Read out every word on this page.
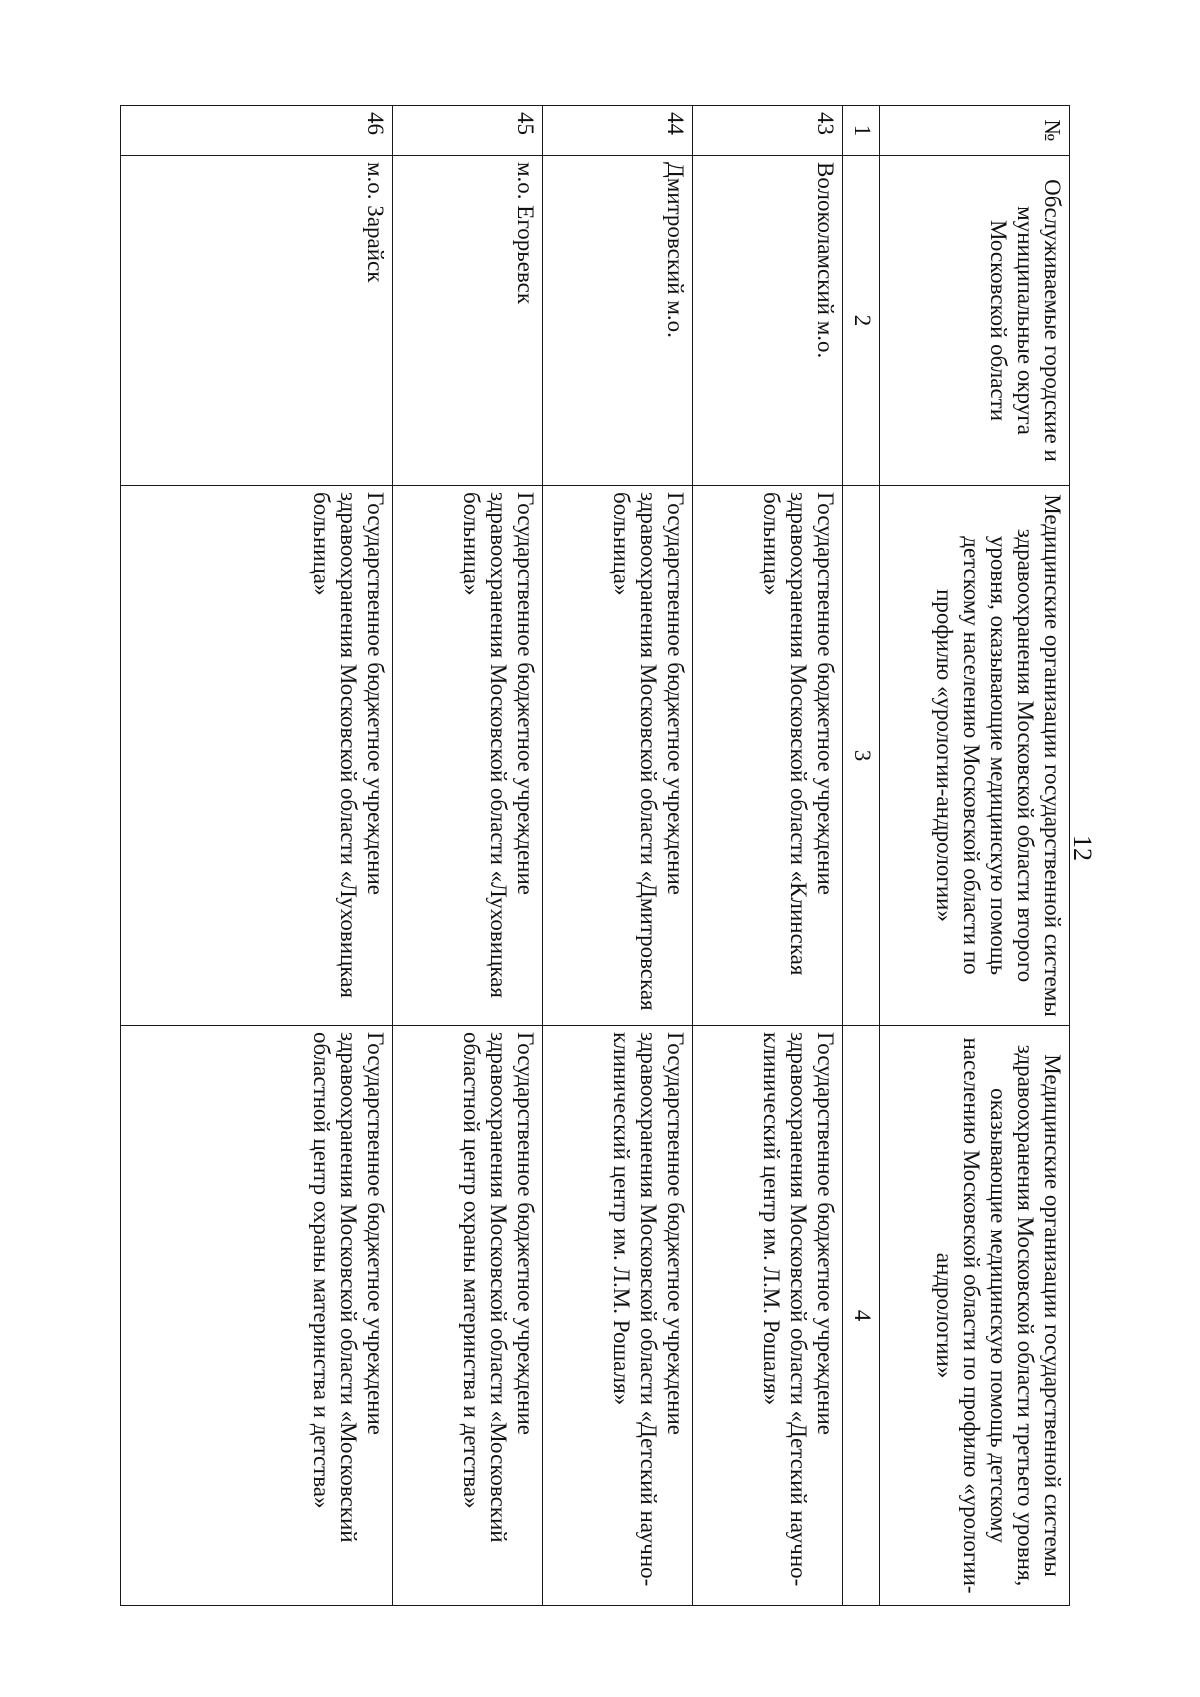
12
№	Обслуживаемые городские и муниципальные округа Московской области	Медицинские организации государственной системы здравоохранения Московской области второго уровня, оказывающие медицинскую помощь детскому населению Московской области по профилю «урологии-андрологии»	Медицинские организации государственной системы здравоохранения Московской области третьего уровня, оказывающие медицинскую помощь детскому населению Московской области по профилю «урологии-андрологии»
1	2	3	4
43	Волоколамский м.о.	Государственное бюджетное учреждение здравоохранения Московской области «Клинская больница»	Государственное бюджетное учреждение здравоохранения Московской области «Детский научно-клинический центр им. Л.М. Рошаля»
44	Дмитровский м.о.	Государственное бюджетное учреждение здравоохранения Московской области «Дмитровская больница»	Государственное бюджетное учреждение здравоохранения Московской области «Детский научно-клинический центр им. Л.М. Рошаля»
45	м.о. Егорьевск	Государственное бюджетное учреждение здравоохранения Московской области «Луховицкая больница»	Государственное бюджетное учреждение здравоохранения Московской области «Московский областной центр охраны материнства и детства»
46	м.о. Зарайск	Государственное бюджетное учреждение здравоохранения Московской области «Луховицкая больница»	Государственное бюджетное учреждение здравоохранения Московской области «Московский областной центр охраны материнства и детства»
